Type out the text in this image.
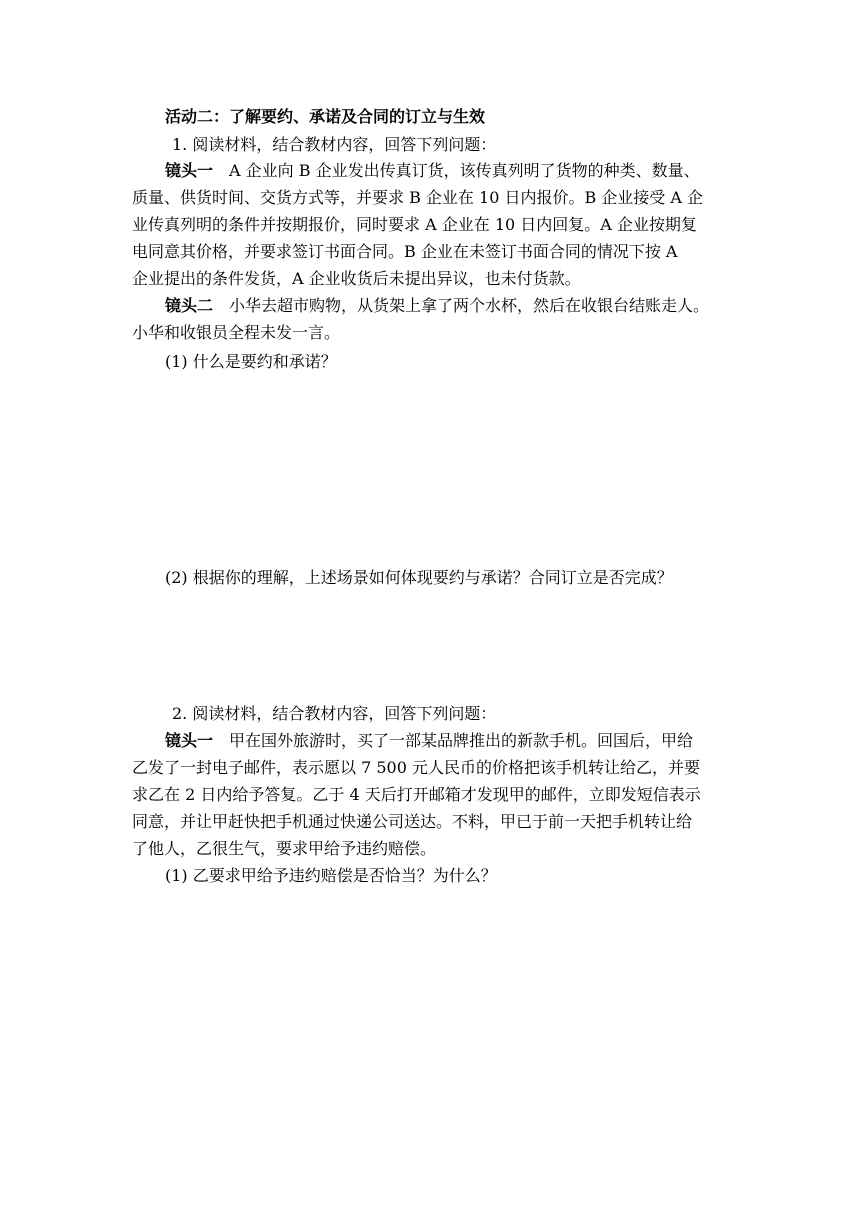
活动二：了解要约、承诺及合同的订立与生效
1. 阅读材料，结合教材内容，回答下列问题：
镜头一 A 企业向 B 企业发出传真订货，该传真列明了货物的种类、数量、
质量、供货时间、交货方式等，并要求 B 企业在 10 日内报价。B 企业接受 A 企
业传真列明的条件并按期报价，同时要求 A 企业在 10 日内回复。A 企业按期复
电同意其价格，并要求签订书面合同。B 企业在未签订书面合同的情况下按 A
企业提出的条件发货，A 企业收货后未提出异议，也未付货款。
镜头二 小华去超市购物，从货架上拿了两个水杯，然后在收银台结账走人。
小华和收银员全程未发一言。
(1) 什么是要约和承诺？
(2) 根据你的理解，上述场景如何体现要约与承诺？合同订立是否完成？
2. 阅读材料，结合教材内容，回答下列问题：
镜头一 甲在国外旅游时，买了一部某品牌推出的新款手机。回国后，甲给
乙发了一封电子邮件，表示愿以 7 500 元人民币的价格把该手机转让给乙，并要
求乙在 2 日内给予答复。乙于 4 天后打开邮箱才发现甲的邮件，立即发短信表示
同意，并让甲赶快把手机通过快递公司送达。不料，甲已于前一天把手机转让给
了他人，乙很生气，要求甲给予违约赔偿。
(1) 乙要求甲给予违约赔偿是否恰当？为什么？
